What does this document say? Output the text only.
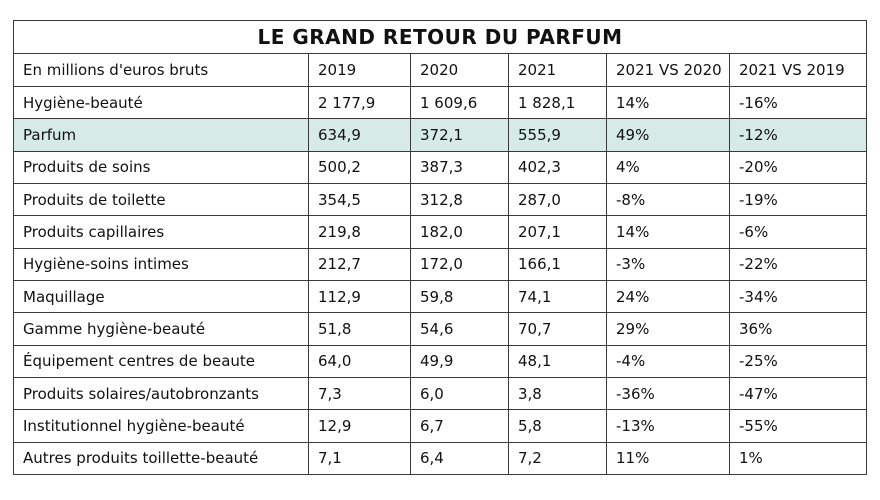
LE GRAND RETOUR DU PARFUM					
En millions d'euros bruts	2019	2020	2021	2021 VS 2020	2021 VS 2019
Hygiène-beauté	2 177,9	1 609,6	1 828,1	14%	-16%
Parfum	634,9	372,1	555,9	49%	-12%
Produits de soins	500,2	387,3	402,3	4%	-20%
Produits de toilette	354,5	312,8	287,0	-8%	-19%
Produits capillaires	219,8	182,0	207,1	14%	-6%
Hygiène-soins intimes	212,7	172,0	166,1	-3%	-22%
Maquillage	112,9	59,8	74,1	24%	-34%
Gamme hygiène-beauté	51,8	54,6	70,7	29%	36%
Équipement centres de beaute	64,0	49,9	48,1	-4%	-25%
Produits solaires/autobronzants	7,3	6,0	3,8	-36%	-47%
Institutionnel hygiène-beauté	12,9	6,7	5,8	-13%	-55%
Autres produits toillette-beauté	7,1	6,4	7,2	11%	1%
